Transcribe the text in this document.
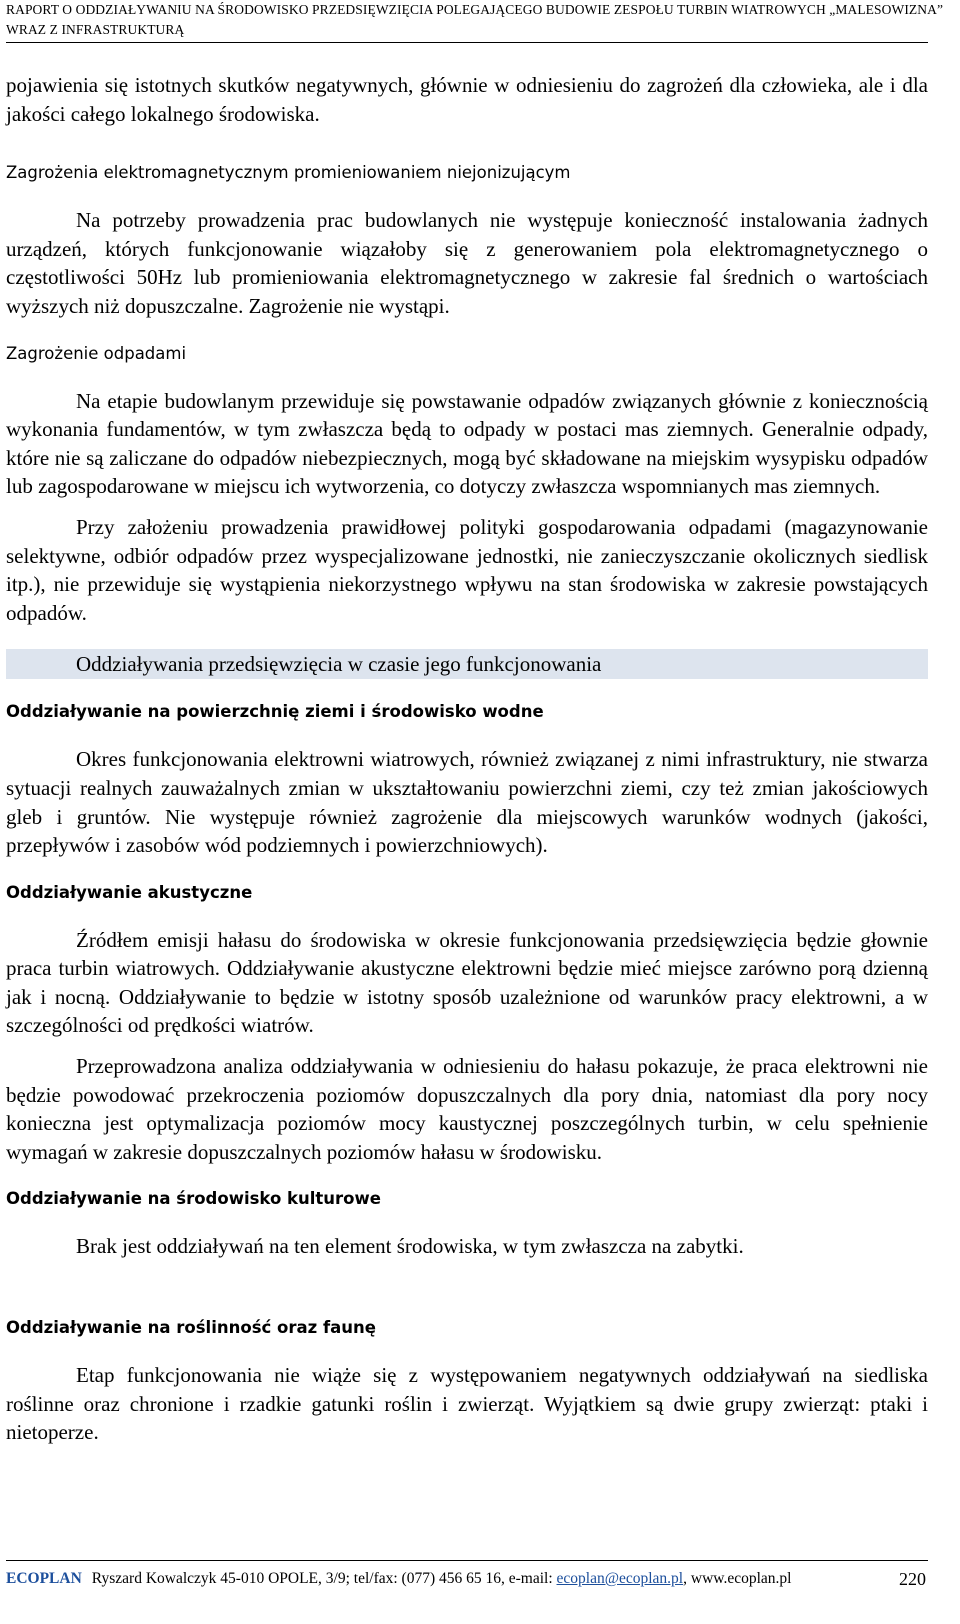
RAPORT O ODDZIAŁYWANIU NA ŚRODOWISKO PRZEDSIĘWZIĘCIA POLEGAJĄCEGO BUDOWIE ZESPOŁU TURBIN WIATROWYCH „MALESOWIZNA”
WRAZ Z INFRASTRUKTURĄ

pojawienia się istotnych skutków negatywnych, głównie w odniesieniu do zagrożeń dla człowieka, ale i dla jakości całego lokalnego środowiska.

Zagrożenia elektromagnetycznym promieniowaniem niejonizującym

Na potrzeby prowadzenia prac budowlanych nie występuje konieczność instalowania żadnych urządzeń, których funkcjonowanie wiązałoby się z generowaniem pola elektromagnetycznego o częstotliwości 50Hz lub promieniowania elektromagnetycznego w zakresie fal średnich o wartościach wyższych niż dopuszczalne. Zagrożenie nie wystąpi.

Zagrożenie odpadami

Na etapie budowlanym przewiduje się powstawanie odpadów związanych głównie z koniecznością wykonania fundamentów, w tym zwłaszcza będą to odpady w postaci mas ziemnych. Generalnie odpady, które nie są zaliczane do odpadów niebezpiecznych, mogą być składowane na miejskim wysypisku odpadów lub zagospodarowane w miejscu ich wytworzenia, co dotyczy zwłaszcza wspomnianych mas ziemnych.

Przy założeniu prowadzenia prawidłowej polityki gospodarowania odpadami (magazynowanie selektywne, odbiór odpadów przez wyspecjalizowane jednostki, nie zanieczyszczanie okolicznych siedlisk itp.), nie przewiduje się wystąpienia niekorzystnego wpływu na stan środowiska w zakresie powstających odpadów.

Oddziaływania przedsięwzięcia w czasie jego funkcjonowania
Oddziaływanie na powierzchnię ziemi i środowisko wodne

Okres funkcjonowania elektrowni wiatrowych, również związanej z nimi infrastruktury, nie stwarza sytuacji realnych zauważalnych zmian w ukształtowaniu powierzchni ziemi, czy też zmian jakościowych gleb i gruntów. Nie występuje również zagrożenie dla miejscowych warunków wodnych (jakości, przepływów i zasobów wód podziemnych i powierzchniowych).

Oddziaływanie akustyczne

Źródłem emisji hałasu do środowiska w okresie funkcjonowania przedsięwzięcia będzie głownie praca turbin wiatrowych. Oddziaływanie akustyczne elektrowni będzie mieć miejsce zarówno porą dzienną jak i nocną. Oddziaływanie to będzie w istotny sposób uzależnione od warunków pracy elektrowni, a w szczególności od prędkości wiatrów.

Przeprowadzona analiza oddziaływania w odniesieniu do hałasu pokazuje, że praca elektrowni nie będzie powodować przekroczenia poziomów dopuszczalnych dla pory dnia, natomiast dla pory nocy konieczna jest optymalizacja poziomów mocy kaustycznej poszczególnych turbin, w celu spełnienie wymagań w zakresie dopuszczalnych poziomów hałasu w środowisku.

Oddziaływanie na środowisko kulturowe

Brak jest oddziaływań na ten element środowiska, w tym zwłaszcza na zabytki.

Oddziaływanie na roślinność oraz faunę

Etap funkcjonowania nie wiąże się z występowaniem negatywnych oddziaływań na siedliska roślinne oraz chronione i rzadkie gatunki roślin i zwierząt. Wyjątkiem są dwie grupy zwierząt: ptaki i nietoperze.

ECOPLAN Ryszard Kowalczyk 45-010 OPOLE, 3/9; tel/fax: (077) 456 65 16, e-mail: ecoplan@ecoplan.pl, www.ecoplan.pl	220
